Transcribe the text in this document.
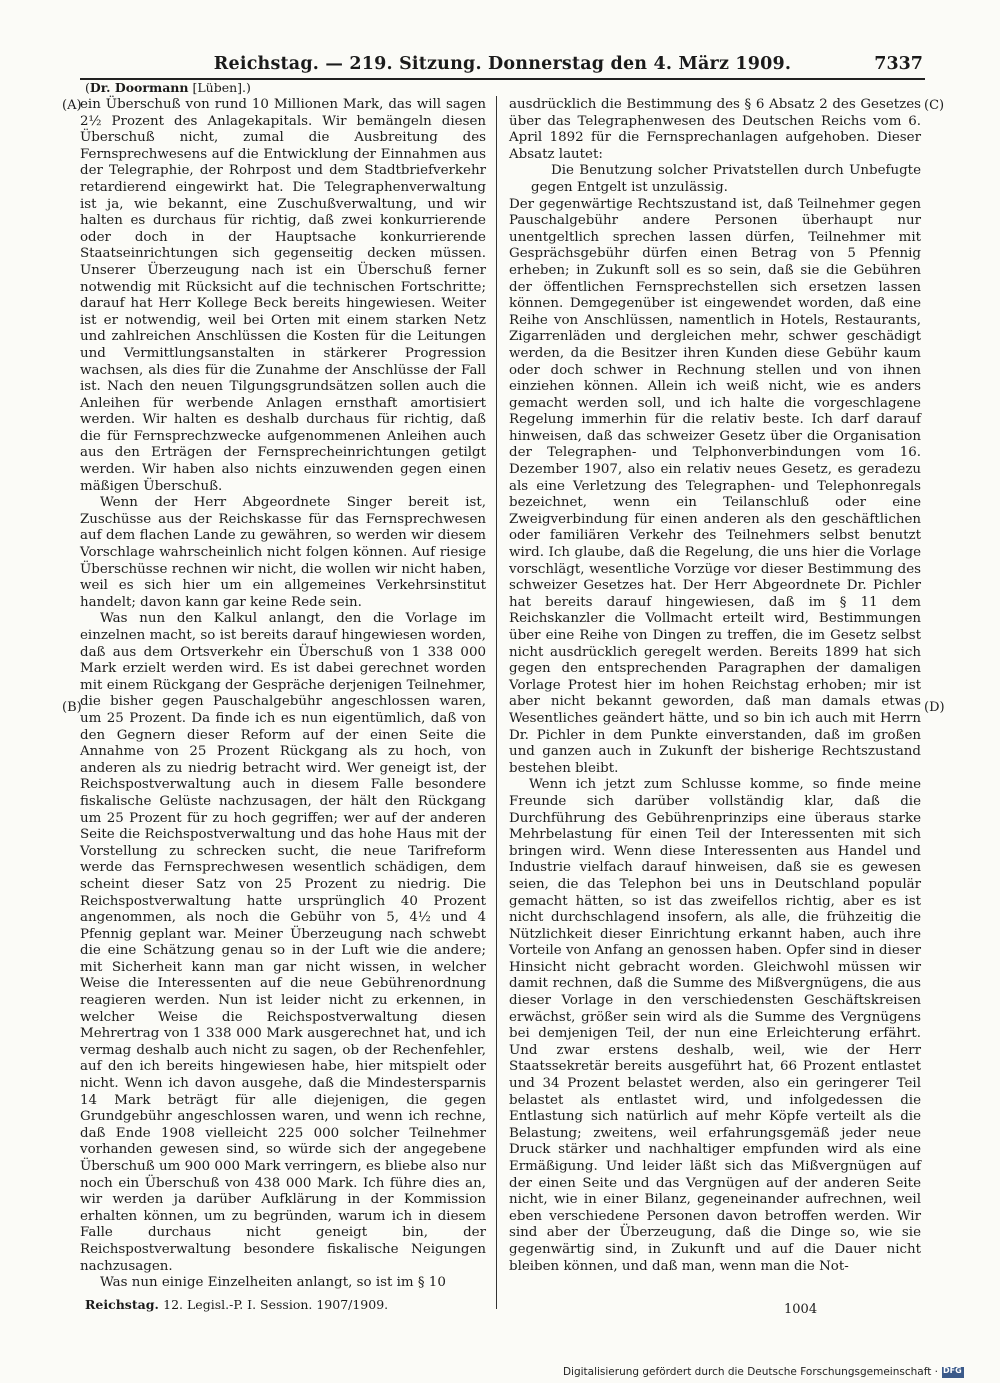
Reichstag. — 219. Sitzung. Donnerstag den 4. März 1909.	7337
(Dr. Doormann [Lüben].)
(A)
(B)
(C)
(D)

ein Überschuß von rund 10 Millionen Mark, das will sagen 2½ Prozent des Anlagekapitals. Wir bemängeln diesen Überschuß nicht, zumal die Ausbreitung des Fernsprechwesens auf die Entwicklung der Einnahmen aus der Telegraphie, der Rohrpost und dem Stadtbriefverkehr retardierend eingewirkt hat. Die Telegraphenverwaltung ist ja, wie bekannt, eine Zuschußverwaltung, und wir halten es durchaus für richtig, daß zwei konkurrierende oder doch in der Hauptsache konkurrierende Staatseinrichtungen sich gegenseitig decken müssen. Unserer Überzeugung nach ist ein Überschuß ferner notwendig mit Rücksicht auf die technischen Fortschritte; darauf hat Herr Kollege Beck bereits hingewiesen. Weiter ist er notwendig, weil bei Orten mit einem starken Netz und zahlreichen Anschlüssen die Kosten für die Leitungen und Vermittlungsanstalten in stärkerer Progression wachsen, als dies für die Zunahme der Anschlüsse der Fall ist. Nach den neuen Tilgungsgrundsätzen sollen auch die Anleihen für werbende Anlagen ernsthaft amortisiert werden. Wir halten es deshalb durchaus für richtig, daß die für Fernsprechzwecke aufgenommenen Anleihen auch aus den Erträgen der Fernsprecheinrichtungen getilgt werden. Wir haben also nichts einzuwenden gegen einen mäßigen Überschuß.

Wenn der Herr Abgeordnete Singer bereit ist, Zuschüsse aus der Reichskasse für das Fernsprechwesen auf dem flachen Lande zu gewähren, so werden wir diesem Vorschlage wahrscheinlich nicht folgen können. Auf riesige Überschüsse rechnen wir nicht, die wollen wir nicht haben, weil es sich hier um ein allgemeines Verkehrsinstitut handelt; davon kann gar keine Rede sein.

Was nun den Kalkul anlangt, den die Vorlage im einzelnen macht, so ist bereits darauf hingewiesen worden, daß aus dem Ortsverkehr ein Überschuß von 1 338 000 Mark erzielt werden wird. Es ist dabei gerechnet worden mit einem Rückgang der Gespräche derjenigen Teilnehmer, die bisher gegen Pauschalgebühr angeschlossen waren, um 25 Prozent. Da finde ich es nun eigentümlich, daß von den Gegnern dieser Reform auf der einen Seite die Annahme von 25 Prozent Rückgang als zu hoch, von anderen als zu niedrig betracht wird. Wer geneigt ist, der Reichspostverwaltung auch in diesem Falle besondere fiskalische Gelüste nachzusagen, der hält den Rückgang um 25 Prozent für zu hoch gegriffen; wer auf der anderen Seite die Reichspostverwaltung und das hohe Haus mit der Vorstellung zu schrecken sucht, die neue Tarifreform werde das Fernsprechwesen wesentlich schädigen, dem scheint dieser Satz von 25 Prozent zu niedrig. Die Reichspostverwaltung hatte ursprünglich 40 Prozent angenommen, als noch die Gebühr von 5, 4½ und 4 Pfennig geplant war. Meiner Überzeugung nach schwebt die eine Schätzung genau so in der Luft wie die andere; mit Sicherheit kann man gar nicht wissen, in welcher Weise die Interessenten auf die neue Gebührenordnung reagieren werden. Nun ist leider nicht zu erkennen, in welcher Weise die Reichspostverwaltung diesen Mehrertrag von 1 338 000 Mark ausgerechnet hat, und ich vermag deshalb auch nicht zu sagen, ob der Rechenfehler, auf den ich bereits hingewiesen habe, hier mitspielt oder nicht. Wenn ich davon ausgehe, daß die Mindestersparnis 14 Mark beträgt für alle diejenigen, die gegen Grundgebühr angeschlossen waren, und wenn ich rechne, daß Ende 1908 vielleicht 225 000 solcher Teilnehmer vorhanden gewesen sind, so würde sich der angegebene Überschuß um 900 000 Mark verringern, es bliebe also nur noch ein Überschuß von 438 000 Mark. Ich führe dies an, wir werden ja darüber Aufklärung in der Kommission erhalten können, um zu begründen, warum ich in diesem Falle durchaus nicht geneigt bin, der Reichspostverwaltung besondere fiskalische Neigungen nachzusagen.

Was nun einige Einzelheiten anlangt, so ist im § 10

ausdrücklich die Bestimmung des § 6 Absatz 2 des Gesetzes über das Telegraphenwesen des Deutschen Reichs vom 6. April 1892 für die Fernsprechanlagen aufgehoben. Dieser Absatz lautet:

Die Benutzung solcher Privatstellen durch Unbefugte gegen Entgelt ist unzulässig.

Der gegenwärtige Rechtszustand ist, daß Teilnehmer gegen Pauschalgebühr andere Personen überhaupt nur unentgeltlich sprechen lassen dürfen, Teilnehmer mit Gesprächsgebühr dürfen einen Betrag von 5 Pfennig erheben; in Zukunft soll es so sein, daß sie die Gebühren der öffentlichen Fernsprechstellen sich ersetzen lassen können. Demgegenüber ist eingewendet worden, daß eine Reihe von Anschlüssen, namentlich in Hotels, Restaurants, Zigarrenläden und dergleichen mehr, schwer geschädigt werden, da die Besitzer ihren Kunden diese Gebühr kaum oder doch schwer in Rechnung stellen und von ihnen einziehen können. Allein ich weiß nicht, wie es anders gemacht werden soll, und ich halte die vorgeschlagene Regelung immerhin für die relativ beste. Ich darf darauf hinweisen, daß das schweizer Gesetz über die Organisation der Telegraphen- und Telphonverbindungen vom 16. Dezember 1907, also ein relativ neues Gesetz, es geradezu als eine Verletzung des Telegraphen- und Telephonregals bezeichnet, wenn ein Teilanschluß oder eine Zweigverbindung für einen anderen als den geschäftlichen oder familiären Verkehr des Teilnehmers selbst benutzt wird. Ich glaube, daß die Regelung, die uns hier die Vorlage vorschlägt, wesentliche Vorzüge vor dieser Bestimmung des schweizer Gesetzes hat. Der Herr Abgeordnete Dr. Pichler hat bereits darauf hingewiesen, daß im § 11 dem Reichskanzler die Vollmacht erteilt wird, Bestimmungen über eine Reihe von Dingen zu treffen, die im Gesetz selbst nicht ausdrücklich geregelt werden. Bereits 1899 hat sich gegen den entsprechenden Paragraphen der damaligen Vorlage Protest hier im hohen Reichstag erhoben; mir ist aber nicht bekannt geworden, daß man damals etwas Wesentliches geändert hätte, und so bin ich auch mit Herrn Dr. Pichler in dem Punkte einverstanden, daß im großen und ganzen auch in Zukunft der bisherige Rechtszustand bestehen bleibt.

Wenn ich jetzt zum Schlusse komme, so finde meine Freunde sich darüber vollständig klar, daß die Durchführung des Gebührenprinzips eine überaus starke Mehrbelastung für einen Teil der Interessenten mit sich bringen wird. Wenn diese Interessenten aus Handel und Industrie vielfach darauf hinweisen, daß sie es gewesen seien, die das Telephon bei uns in Deutschland populär gemacht hätten, so ist das zweifellos richtig, aber es ist nicht durchschlagend insofern, als alle, die frühzeitig die Nützlichkeit dieser Einrichtung erkannt haben, auch ihre Vorteile von Anfang an genossen haben. Opfer sind in dieser Hinsicht nicht gebracht worden. Gleichwohl müssen wir damit rechnen, daß die Summe des Mißvergnügens, die aus dieser Vorlage in den verschiedensten Geschäftskreisen erwächst, größer sein wird als die Summe des Vergnügens bei demjenigen Teil, der nun eine Erleichterung erfährt. Und zwar erstens deshalb, weil, wie der Herr Staatssekretär bereits ausgeführt hat, 66 Prozent entlastet und 34 Prozent belastet werden, also ein geringerer Teil belastet als entlastet wird, und infolgedessen die Entlastung sich natürlich auf mehr Köpfe verteilt als die Belastung; zweitens, weil erfahrungsgemäß jeder neue Druck stärker und nachhaltiger empfunden wird als eine Ermäßigung. Und leider läßt sich das Mißvergnügen auf der einen Seite und das Vergnügen auf der anderen Seite nicht, wie in einer Bilanz, gegeneinander aufrechnen, weil eben verschiedene Personen davon betroffen werden. Wir sind aber der Überzeugung, daß die Dinge so, wie sie gegenwärtig sind, in Zukunft und auf die Dauer nicht bleiben können, und daß man, wenn man die Not-

Reichstag. 12. Legisl.-P. I. Session. 1907/1909.	1004
Digitalisierung gefördert durch die Deutsche Forschungsgemeinschaft ·DFG
